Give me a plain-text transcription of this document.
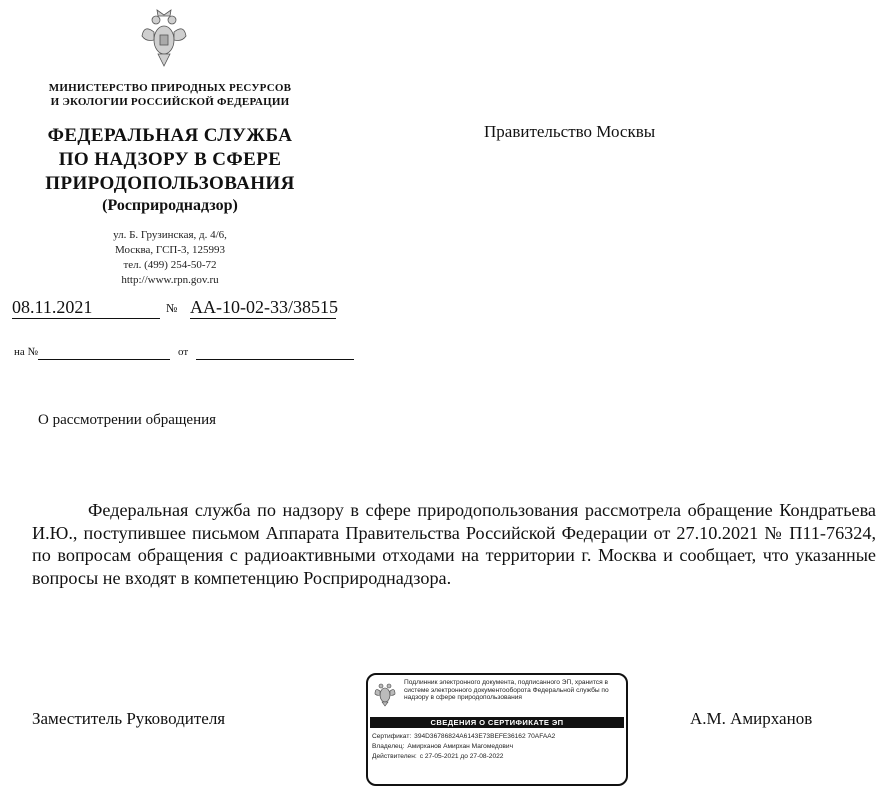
МИНИСТЕРСТВО ПРИРОДНЫХ РЕСУРСОВ
И ЭКОЛОГИИ РОССИЙСКОЙ ФЕДЕРАЦИИ
ФЕДЕРАЛЬНАЯ СЛУЖБА
ПО НАДЗОРУ В СФЕРЕ
ПРИРОДОПОЛЬЗОВАНИЯ
(Росприроднадзор)
ул. Б. Грузинская, д. 4/6,
Москва, ГСП-3, 125993
тел. (499) 254-50-72
http://www.rpn.gov.ru
Правительство Москвы
08.11.2021	№ АА-10-02-33/38515
на №	от
О рассмотрении обращения
Федеральная служба по надзору в сфере природопользования рассмотрела обращение Кондратьева И.Ю., поступившее письмом Аппарата Правительства Российской Федерации от 27.10.2021 № П11-76324, по вопросам обращения с радиоактивными отходами на территории г. Москва и сообщает, что указанные вопросы не входят в компетенцию Росприроднадзора.
Заместитель Руководителя	А.М. Амирханов
Подлинник электронного документа, подписанного ЭП, хранится в системе электронного документооборота Федеральной службы по надзору в сфере природопользования
СВЕДЕНИЯ О СЕРТИФИКАТЕ ЭП
Сертификат: 394D36786824A6143E73BEFE36162 70AFAA2
Владелец: Амирханов Амирхан Магомедович
Действителен: с 27-05-2021 до 27-08-2022
